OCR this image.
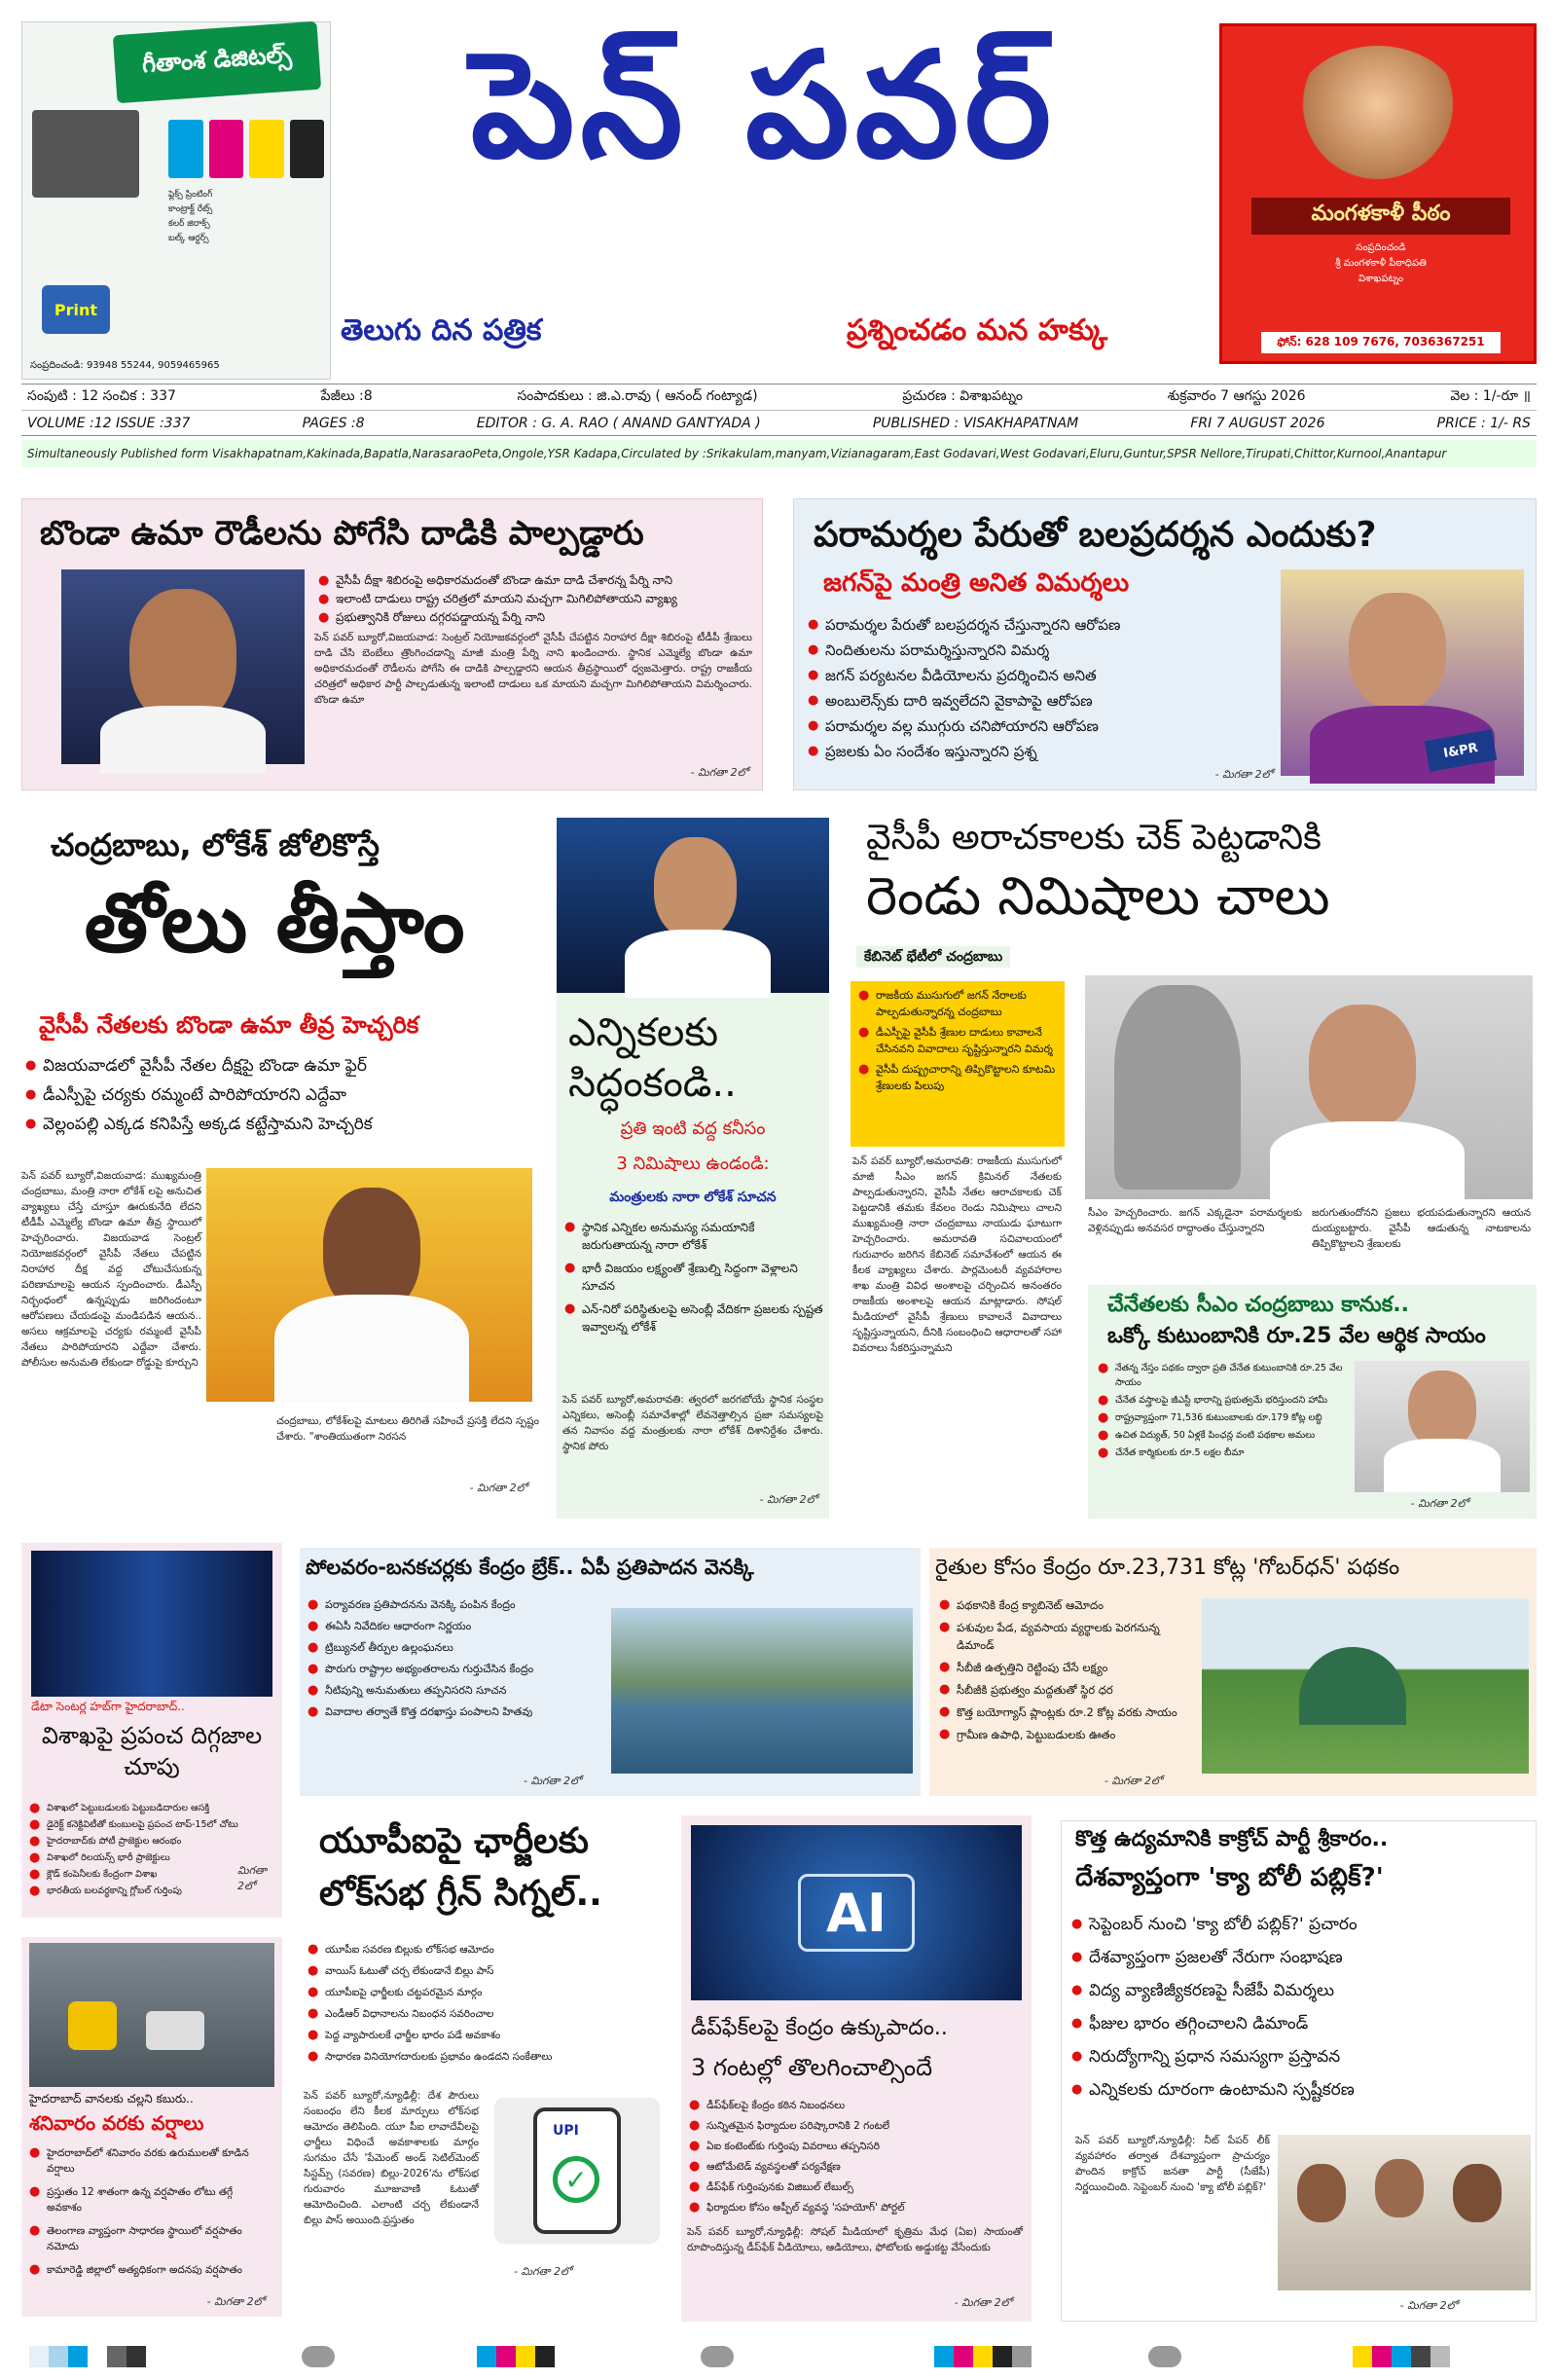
గీతాంశ డిజిటల్స్
ఫ్లెక్స్ ప్రింటింగ్
కాంట్రాక్ట్ రేట్స్
కలర్ జిరాక్స్
బల్క్ ఆర్డర్స్
Print
సంప్రదించండి: 93948 55244, 9059465965
పెన్ పవర్
తెలుగు దిన పత్రిక	ప్రశ్నించడం మన హక్కు
మంగళకాళీ పీఠం
సంప్రదించండి
శ్రీ మంగళకాళీ పీఠాధిపతి
విశాఖపట్నం
ఫోన్: 628 109 7676, 7036367251
సంపుటి : 12 సంచిక : 337	పేజీలు :8	సంపాదకులు : జి.ఎ.రావు ( ఆనంద్ గంట్యాడ)	ప్రచురణ : విశాఖపట్నం	శుక్రవారం 7 ఆగస్టు 2026	వెల : 1/-రూ ॥
VOLUME :12 ISSUE :337	PAGES :8	EDITOR : G. A. RAO ( ANAND GANTYADA )	PUBLISHED : VISAKHAPATNAM	FRI 7 AUGUST 2026	PRICE : 1/- RS
Simultaneously Published form Visakhapatnam,Kakinada,Bapatla,NarasaraoPeta,Ongole,YSR Kadapa,Circulated by :Srikakulam,manyam,Vizianagaram,East Godavari,West Godavari,Eluru,Guntur,SPSR Nellore,Tirupati,Chittor,Kurnool,Anantapur
బొండా ఉమా రౌడీలను పోగేసి దాడికి పాల్పడ్డారు
● వైసీపీ దీక్షా శిబిరంపై అధికారమదంతో బొండా ఉమా దాడి చేశారన్న పేర్ని నాని
● ఇలాంటి దాడులు రాష్ట్ర చరిత్రలో మాయని మచ్చగా మిగిలిపోతాయని వ్యాఖ్య
● ప్రభుత్వానికి రోజులు దగ్గరపడ్డాయన్న పేర్ని నాని
పెన్ పవర్ బ్యూరో,విజయవాడ: సెంట్రల్ నియోజకవర్గంలో వైసీపీ చేపట్టిన నిరాహార దీక్షా శిబిరంపై టీడీపీ శ్రేణులు దాడి చేసి బెంబేలు త్రొంగించడాన్ని మాజీ మంత్రి పేర్ని నాని ఖండించారు. స్థానిక ఎమ్మెల్యే బొండా ఉమా అధికారమదంతో రౌడీలను పోగేసి ఈ దాడికి పాల్పడ్డారని ఆయన తీవ్రస్థాయిలో ధ్వజమెత్తారు. రాష్ట్ర రాజకీయ చరిత్రలో అధికార పార్టీ పాల్పడుతున్న ఇలాంటి దాడులు ఒక మాయని మచ్చగా మిగిలిపోతాయని విమర్శించారు. బొండా ఉమా
- మిగతా 2లో
పరామర్శల పేరుతో బలప్రదర్శన ఎందుకు?
జగన్‌పై మంత్రి అనిత విమర్శలు
● పరామర్శల పేరుతో బలప్రదర్శన చేస్తున్నారని ఆరోపణ
● నిందితులను పరామర్శిస్తున్నారని విమర్శ
● జగన్ పర్యటనల వీడియోలను ప్రదర్శించిన అనిత
● అంబులెన్స్‌కు దారి ఇవ్వలేదని వైకాపాపై ఆరోపణ
● పరామర్శల వల్ల ముగ్గురు చనిపోయారని ఆరోపణ
● ప్రజలకు ఏం సందేశం ఇస్తున్నారని ప్రశ్న	I&PR
- మిగతా 2లో
చంద్రబాబు, లోకేశ్ జోలికొస్తే
తోలు తీస్తాం
వైసీపీ నేతలకు బొండా ఉమా తీవ్ర హెచ్చరిక
● విజయవాడలో వైసీపీ నేతల దీక్షపై బొండా ఉమా ఫైర్
● డీఎస్పీపై చర్యకు రమ్మంటే పారిపోయారని ఎద్దేవా
● వెల్లంపల్లి ఎక్కడ కనిపిస్తే అక్కడ కట్టేస్తామని హెచ్చరిక
పెన్ పవర్ బ్యూరో,విజయవాడ: ముఖ్యమంత్రి చంద్రబాబు, మంత్రి నారా లోకేశ్ లపై అనుచిత వ్యాఖ్యలు చేస్తే చూస్తూ ఊరుకునేది లేదని టీడీపీ ఎమ్మెల్యే బొండా ఉమా తీవ్ర స్థాయిలో హెచ్చరించారు. విజయవాడ సెంట్రల్ నియోజకవర్గంలో వైసీపీ నేతలు చేపట్టిన నిరాహార దీక్ష వద్ద చోటుచేసుకున్న పరిణామాలపై ఆయన స్పందించారు. డీఎస్పీ నిర్బంధంలో ఉన్నప్పుడు జరిగిందంటూ ఆరోపణలు చేయడంపై మండిపడిన ఆయన.. అసలు ఆక్రమాలపై చర్యకు రమ్మంటే వైసీపీ నేతలు పారిపోయారని ఎద్దేవా చేశారు. పోలీసుల అనుమతి లేకుండా రోడ్డుపై కూర్చుని
చంద్రబాబు, లోకేశ్‌లపై మాటలు తిరిగితే సహించే ప్రసక్తి లేదని స్పష్టం చేశారు. "శాంతియుతంగా నిరసన
- మిగతా 2లో
ఎన్నికలకు సిద్ధంకండి..
ప్రతి ఇంటి వద్ద కనీసం
3 నిమిషాలు ఉండండి:
మంత్రులకు నారా లోకేశ్ సూచన
● స్థానిక ఎన్నికల అనుమస్య సమయానికే జరుగుతాయన్న నారా లోకేశ్
● భారీ విజయం లక్ష్యంతో శ్రేణుల్ని సిద్ధంగా వెళ్లాలని సూచన
● ఎన్-నిరో పరిస్థితులపై అసెంబ్లీ వేదికగా ప్రజలకు స్పష్టత ఇవ్వాలన్న లోకేశ్
పెన్ పవర్ బ్యూరో,అమరావతి: త్వరలో జరగబోయే స్థానిక సంస్థల ఎన్నికలు, అసెంబ్లీ సమావేశాల్లో లేవనెత్తాల్సిన ప్రజా సమస్యలపై తన నివాసం వద్ద మంత్రులకు నారా లోకేశ్ దిశానిర్దేశం చేశారు. స్థానిక పోరు
- మిగతా 2లో
వైసీపీ అరాచకాలకు చెక్ పెట్టడానికి
రెండు నిమిషాలు చాలు
కేబినెట్ భేటీలో చంద్రబాబు
● రాజకీయ ముసుగులో జగన్ నేరాలకు పాల్పడుతున్నారన్న చంద్రబాబు
● డీఎస్పీపై వైసీపీ శ్రేణుల దాడులు కావాలనే చేసినవని వివాదాలు సృష్టిస్తున్నారని విమర్శ
● వైసీపీ దుష్ప్రచారాన్ని తిప్పికొట్టాలని కూటమి శ్రేణులకు పిలుపు
పెన్ పవర్ బ్యూరో,అమరావతి: రాజకీయ ముసుగులో మాజీ సీఎం జగన్ క్రిమినల్ నేతలకు పాల్పడుతున్నారని, వైసీపీ నేతల ఆరాచకాలకు చెక్ పెట్టడానికి తమకు కేవలం రెండు నిమిషాలు చాలని ముఖ్యమంత్రి నారా చంద్రబాబు నాయుడు ఘాటుగా హెచ్చరించారు. అమరావతి సచివాలయంలో గురువారం జరిగిన కేబినెట్ సమావేశంలో ఆయన ఈ కీలక వ్యాఖ్యలు చేశారు. పార్లమెంటరీ వ్యవహారాల శాఖ మంత్రి వివిధ అంశాలపై చర్చించిన అనంతరం రాజకీయ అంశాలపై ఆయన మాట్లాడారు. సోషల్ మీడియాలో వైసీపీ శ్రేణులు కావాలనే వివాదాలు సృష్టిస్తున్నాయని, దీనికి సంబంధించి ఆధారాలతో సహా వివరాలు సేకరిస్తున్నామని
సీఎం హెచ్చరించారు. జగన్ ఎక్కడైనా పరామర్శలకు వెళ్లినప్పుడు అనవసర రాద్ధాంతం చేస్తున్నారని
జరుగుతుందోనని ప్రజలు భయపడుతున్నారని ఆయన దుయ్యబట్టారు. వైసీపీ ఆడుతున్న నాటకాలను తిప్పికొట్టాలని శ్రేణులకు
చేనేతలకు సీఎం చంద్రబాబు కానుక..
ఒక్కో కుటుంబానికి రూ.25 వేల ఆర్థిక సాయం
● నేతన్న నేస్తం పథకం ద్వారా ప్రతి చేనేత కుటుంబానికి రూ.25 వేల సాయం
● చేనేత వస్త్రాలపై జీఎస్టీ భారాన్ని ప్రభుత్వమే భరిస్తుందని హామీ
● రాష్ట్రవ్యాప్తంగా 71,536 కుటుంబాలకు రూ.179 కోట్ల లబ్ధి
● ఉచిత విద్యుత్, 50 ఏళ్లకే పింఛన్ల వంటి పథకాల అమలు
● చేనేత కార్మికులకు రూ.5 లక్షల బీమా
- మిగతా 2లో
డేటా సెంటర్ల హబ్‌గా హైదరాబాద్..
విశాఖపై ప్రపంచ దిగ్గజాల చూపు
● విశాఖలో పెట్టుబడులకు పెట్టుబడిదారుల ఆసక్తి
● డైరెక్ట్ కనెక్టివిటీతో కుంబులపై ప్రపంచ టాప్-15లో చోటు
● హైదరాబాద్‌కు పోటీ ప్రాజెక్టుల ఆరంభం
● విశాఖలో రిలయన్స్ భారీ ప్రాజెక్టులు
● క్లౌడ్ కంపెనీలకు కేంద్రంగా విశాఖ
● భారతీయ బలవర్ధకాన్ని గ్లోబల్ గుర్తింపు
మిగతా 2లో
హైదరాబాద్ వానలకు చల్లని కబురు..
శనివారం వరకు వర్షాలు
● హైదరాబాద్‌లో శనివారం వరకు ఉరుములతో కూడిన వర్షాలు
● ప్రస్తుతం 12 శాతంగా ఉన్న వర్షపాతం లోటు తగ్గే అవకాశం
● తెలంగాణ వ్యాప్తంగా సాధారణ స్థాయిలో వర్షపాతం నమోదు
● కామారెడ్డి జిల్లాలో అత్యధికంగా అదనపు వర్షపాతం
- మిగతా 2లో
పోలవరం-బనకచర్లకు కేంద్రం బ్రేక్.. ఏపీ ప్రతిపాదన వెనక్కి
● పర్యావరణ ప్రతిపాదనను వెనక్కి పంపిన కేంద్రం
● ఈఏసీ నివేదికల ఆధారంగా నిర్ణయం
● ట్రిబ్యునల్ తీర్పుల ఉల్లంఘనలు
● పొరుగు రాష్ట్రాల అభ్యంతరాలను గుర్తుచేసిన కేంద్రం
● నీటిపున్ని అనుమతులు తప్పనిసరని సూచన
● వివాదాల తర్వాతే కొత్త దరఖాస్తు పంపాలని హితవు
- మిగతా 2లో
రైతుల కోసం కేంద్రం రూ.23,731 కోట్ల 'గోబర్‌ధన్' పథకం
● పథకానికి కేంద్ర క్యాబినెట్ ఆమోదం
● పశువుల పేడ, వ్యవసాయ వ్యర్థాలకు పెరగనున్న డిమాండ్
● సీబీజీ ఉత్పత్తిని రెట్టింపు చేసే లక్ష్యం
● సీబీజీకి ప్రభుత్వం మద్దతుతో స్థిర ధర
● కొత్త బయోగ్యాస్ ప్లాంట్లకు రూ.2 కోట్ల వరకు సాయం
● గ్రామీణ ఉపాధి, పెట్టుబడులకు ఊతం
- మిగతా 2లో
యూపీఐపై ఛార్జీలకు లోక్‌సభ గ్రీన్ సిగ్నల్..
● యూపీఐ సవరణ బిల్లుకు లోక్‌సభ ఆమోదం
● వాయిస్ ఓటుతో చర్చ లేకుండానే బిల్లు పాస్
● యూపీఐపై ఛార్జీలకు చట్టపరమైన మార్గం
● ఎండీఆర్ విధానాలను నిబంధన సవరించాల
● పెద్ద వ్యాపారులకే ఛార్జీల భారం పడే అవకాశం
● సాధారణ వినియోగదారులకు ప్రభావం ఉండదని సంకేతాలు
పెన్ పవర్ బ్యూరో,న్యూఢిల్లీ: దేశ పౌరులు సంబంధం లేని కీలక మార్పులు లోక్‌సభ ఆమోదం తెలిపింది. యూ పీఐ లావాదేవీలపై ఛార్జీలు విధించే అవకాశాలకు మార్గం సుగమం చేసే 'పేమెంట్ అండ్ సెటిల్‌మెంట్ సిస్టమ్స్ (సవరణ) బిల్లు-2026'ను లోక్‌సభ గురువారం మూజువాణి ఓటుతో ఆమోదించింది. ఎలాంటి చర్చ లేకుండానే బిల్లు పాస్ అయింది.ప్రస్తుతం
UPI
✓
- మిగతా 2లో
AI
డీప్‌ఫేక్‌లపై కేంద్రం ఉక్కుపాదం..
3 గంటల్లో తొలగించాల్సిందే
● డీప్‌ఫేక్‌లపై కేంద్రం కఠిన నిబంధనలు
● సున్నితమైన ఫిర్యాదుల పరిష్కారానికి 2 గంటలే
● ఏఐ కంటెంట్‌కు గుర్తింపు వివరాలు తప్పనిసరి
● ఆటోమేటెడ్ వ్యవస్థలతో పర్యవేక్షణ
● డీప్‌ఫేక్ గుర్తింపునకు విజిబుల్ లేబుల్స్
● ఫిర్యాదుల కోసం అప్పీల్ వ్యవస్థ 'సహయోగ్' పోర్టల్
పెన్ పవర్ బ్యూరో,న్యూఢిల్లీ: సోషల్ మీడియాలో కృత్రిమ మేధ (ఏఐ) సాయంతో రూపొందిస్తున్న డీప్‌ఫేక్ వీడియోలు, ఆడియోలు, ఫోటోలకు అడ్డుకట్ట వేసేందుకు
- మిగతా 2లో
కొత్త ఉద్యమానికి కాక్రోచ్ పార్టీ శ్రీకారం..
దేశవ్యాప్తంగా 'క్యా బోలీ పబ్లిక్?'
● సెప్టెంబర్ నుంచి 'క్యా బోలీ పబ్లిక్?' ప్రచారం
● దేశవ్యాప్తంగా ప్రజలతో నేరుగా సంభాషణ
● విద్య వ్యాణిజ్యీకరణపై సీజేపీ విమర్శలు
● ఫీజుల భారం తగ్గించాలని డిమాండ్
● నిరుద్యోగాన్ని ప్రధాన సమస్యగా ప్రస్తావన
● ఎన్నికలకు దూరంగా ఉంటామని స్పష్టీకరణ
పెన్ పవర్ బ్యూరో,న్యూఢిల్లీ: నీట్ పేపర్ లీక్ వ్యవహారం తర్వాత దేశవ్యాప్తంగా ప్రాచుర్యం పొందిన కాక్రోచ్ జనతా పార్టీ (సీజేపీ) నిర్ణయించింది. సెప్టెంబర్ నుంచి 'క్యా బోలీ పబ్లిక్?'
- మిగతా 2లో
